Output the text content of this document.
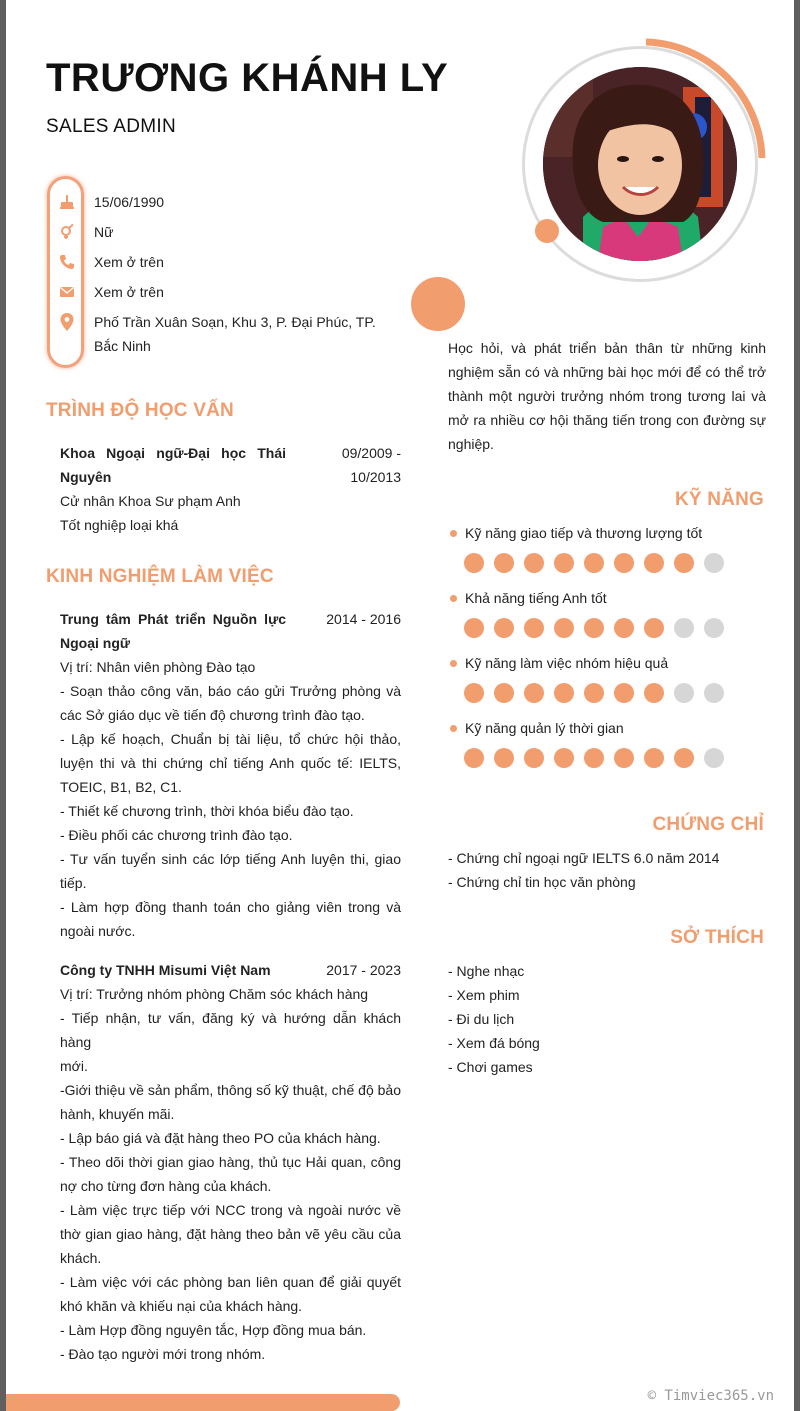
TRƯƠNG KHÁNH LY
SALES ADMIN
15/06/1990
Nữ
Xem ở trên
Xem ở trên
Phố Trần Xuân Soạn, Khu 3, P. Đại Phúc, TP.
Bắc Ninh	Học hỏi, và phát triển bản thân từ những kinh nghiệm sẵn có và những bài học mới để có thể trở thành một người trưởng nhóm trong tương lai và mở ra nhiều cơ hội thăng tiến trong con đường sự nghiệp.
TRÌNH ĐỘ HỌC VẤN
Khoa Ngoại ngữ-Đại học Thái
Nguyên
09/2009 -
10/2013
Cử nhân Khoa Sư phạm Anh
Tốt nghiệp loại khá
KINH NGHIỆM LÀM VIỆC
Trung tâm Phát triển Nguồn lực
Ngoại ngữ
2014 - 2016
Vị trí: Nhân viên phòng Đào tạo
- Soạn thảo công văn, báo cáo gửi Trưởng phòng và
các Sở giáo dục về tiến độ chương trình đào tạo.
- Lập kế hoạch, Chuẩn bị tài liệu, tổ chức hội thảo,
luyện thi và thi chứng chỉ tiếng Anh quốc tế: IELTS,
TOEIC, B1, B2, C1.
- Thiết kế chương trình, thời khóa biểu đào tạo.
- Điều phối các chương trình đào tạo.
- Tư vấn tuyển sinh các lớp tiếng Anh luyện thi, giao
tiếp.
- Làm hợp đồng thanh toán cho giảng viên trong và
ngoài nước.
Công ty TNHH Misumi Việt Nam	2017 - 2023
Vị trí: Trưởng nhóm phòng Chăm sóc khách hàng
- Tiếp nhận, tư vấn, đăng ký và hướng dẫn khách hàng
mới.
-Giới thiệu về sản phẩm, thông số kỹ thuật, chế độ bảo
hành, khuyến mãi.
- Lập báo giá và đặt hàng theo PO của khách hàng.
- Theo dõi thời gian giao hàng, thủ tục Hải quan, công
nợ cho từng đơn hàng của khách.
- Làm việc trực tiếp với NCC trong và ngoài nước về
thờ gian giao hàng, đặt hàng theo bản vẽ yêu cầu của
khách.
- Làm việc với các phòng ban liên quan để giải quyết
khó khăn và khiếu nại của khách hàng.
- Làm Hợp đồng nguyên tắc, Hợp đồng mua bán.
- Đào tạo người mới trong nhóm.
KỸ NĂNG
CHỨNG CHỈ
- Chứng chỉ ngoại ngữ IELTS 6.0 năm 2014
- Chứng chỉ tin học văn phòng
SỞ THÍCH
- Nghe nhạc
- Xem phim
- Đi du lịch
- Xem đá bóng
- Chơi games
© Timviec365.vn
Kỹ năng giao tiếp và thương lượng tốt
Khả năng tiếng Anh tốt
Kỹ năng làm việc nhóm hiệu quả
Kỹ năng quản lý thời gian
